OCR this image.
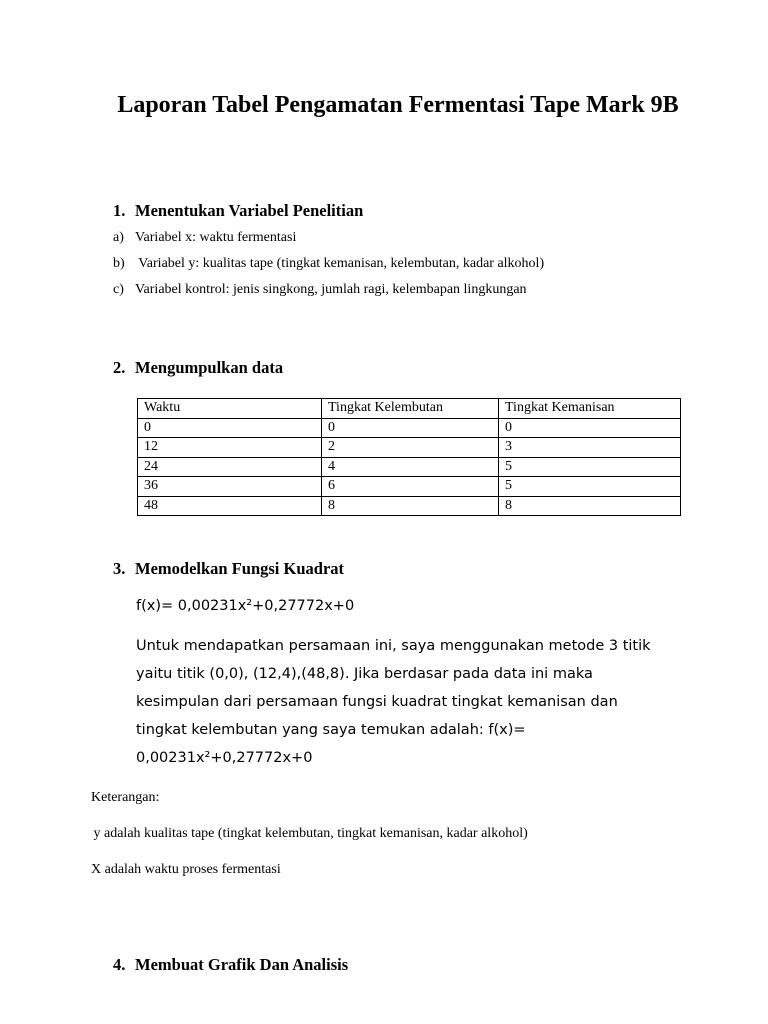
Laporan Tabel Pengamatan Fermentasi Tape Mark 9B
1. Menentukan Variabel Penelitian

a) Variabel x: waktu fermentasi

b) Variabel y: kualitas tape (tingkat kemanisan, kelembutan, kadar alkohol)

c) Variabel kontrol: jenis singkong, jumlah ragi, kelembapan lingkungan

2. Mengumpulkan data
Waktu	Tingkat Kelembutan	Tingkat Kemanisan
0	0	0
12	2	3
24	4	5
36	6	5
48	8	8
3. Memodelkan Fungsi Kuadrat

f(x)= 0,00231x²+0,27772x+0

Untuk mendapatkan persamaan ini, saya menggunakan metode 3 titik yaitu titik (0,0), (12,4),(48,8). Jika berdasar pada data ini maka kesimpulan dari persamaan fungsi kuadrat tingkat kemanisan dan tingkat kelembutan yang saya temukan adalah: f(x)= 0,00231x²+0,27772x+0

Keterangan:

y adalah kualitas tape (tingkat kelembutan, tingkat kemanisan, kadar alkohol)

X adalah waktu proses fermentasi

4. Membuat Grafik Dan Analisis
